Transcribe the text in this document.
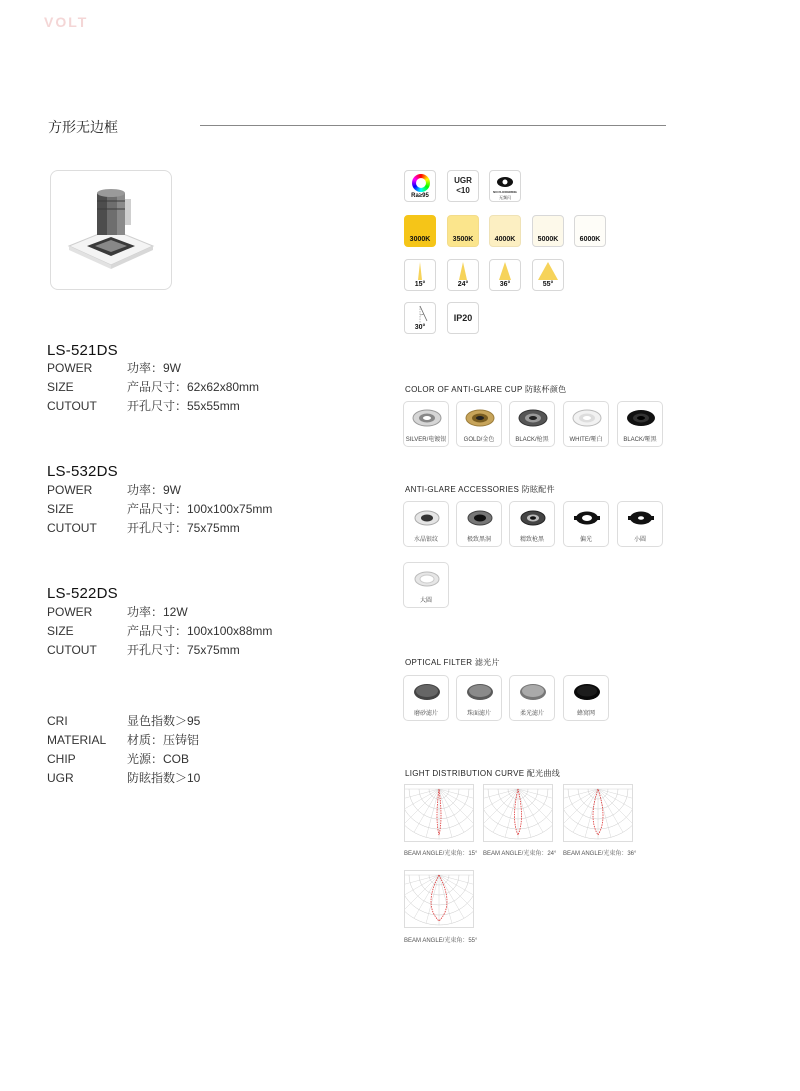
VOLT
方形无边框
LS-521DS
POWER	功率：9W
SIZE	产品尺寸：62x62x80mm
CUTOUT	开孔尺寸：55x55mm
LS-532DS
POWER	功率：9W
SIZE	产品尺寸：100x100x75mm
CUTOUT	开孔尺寸：75x75mm
LS-522DS
POWER	功率：12W
SIZE	产品尺寸：100x100x88mm
CUTOUT	开孔尺寸：75x75mm
CRI	显色指数＞95
MATERIAL	材质：压铸铝
CHIP	光源：COB
UGR	防眩指数＞10
Ra≥95
UGR
<10	NO FLICKERING
无频闪
3000K	3500K	4000K	5000K	6000K
15°	24°	36°	55°
30°
IP20
COLOR OF ANTI-GLARE CUP 防眩杯颜色
SILVER/电镀银	GOLD/金色	BLACK/枪黑	WHITE/哑白	BLACK/哑黑
ANTI-GLARE ACCESSORIES 防眩配件
水晶银纹	极致黑洞	精致枪黑	偏光	小圆
大圆
OPTICAL FILTER 滤光片
磨砂滤片	珠面滤片	柔光滤片	蜂窝网
LIGHT DISTRIBUTION CURVE 配光曲线
BEAM ANGLE/光束角：15° BEAM ANGLE/光束角：24° BEAM ANGLE/光束角：36°
BEAM ANGLE/光束角：55°
